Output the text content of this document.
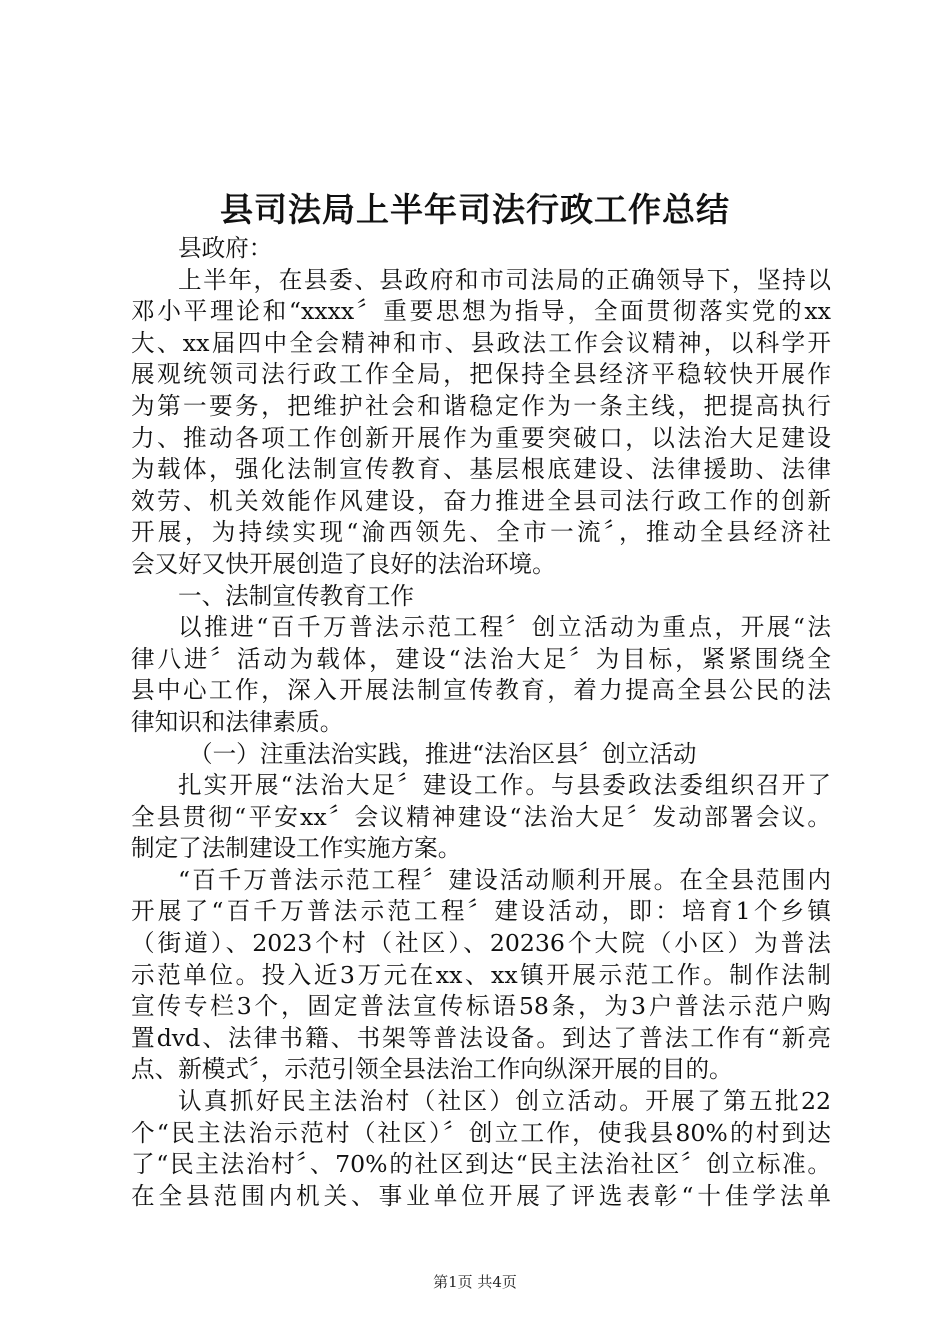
县司法局上半年司法行政工作总结
县政府：
上半年，在县委、县政府和市司法局的正确领导下，坚持以
邓小平理论和“xxxx〞重要思想为指导，全面贯彻落实党的xx
大、xx届四中全会精神和市、县政法工作会议精神，以科学开
展观统领司法行政工作全局，把保持全县经济平稳较快开展作
为第一要务，把维护社会和谐稳定作为一条主线，把提高执行
力、推动各项工作创新开展作为重要突破口，以法治大足建设
为载体，强化法制宣传教育、基层根底建设、法律援助、法律
效劳、机关效能作风建设，奋力推进全县司法行政工作的创新
开展，为持续实现“渝西领先、全市一流〞，推动全县经济社
会又好又快开展创造了良好的法治环境。
一、法制宣传教育工作
以推进“百千万普法示范工程〞创立活动为重点，开展“法
律八进〞活动为载体，建设“法治大足〞为目标，紧紧围绕全
县中心工作，深入开展法制宣传教育，着力提高全县公民的法
律知识和法律素质。
（一）注重法治实践，推进“法治区县〞创立活动
扎实开展“法治大足〞建设工作。与县委政法委组织召开了
全县贯彻“平安xx〞会议精神建设“法治大足〞发动部署会议。
制定了法制建设工作实施方案。
“百千万普法示范工程〞建设活动顺利开展。在全县范围内
开展了“百千万普法示范工程〞建设活动，即：培育1个乡镇
（街道）、2023个村（社区）、20236个大院（小区）为普法
示范单位。投入近3万元在xx、xx镇开展示范工作。制作法制
宣传专栏3个，固定普法宣传标语58条，为3户普法示范户购
置dvd、法律书籍、书架等普法设备。到达了普法工作有“新亮
点、新模式〞，示范引领全县法治工作向纵深开展的目的。
认真抓好民主法治村（社区）创立活动。开展了第五批22
个“民主法治示范村（社区）〞创立工作，使我县80%的村到达
了“民主法治村〞、70%的社区到达“民主法治社区〞创立标准。
在全县范围内机关、事业单位开展了评选表彰“十佳学法单
第1页 共4页
